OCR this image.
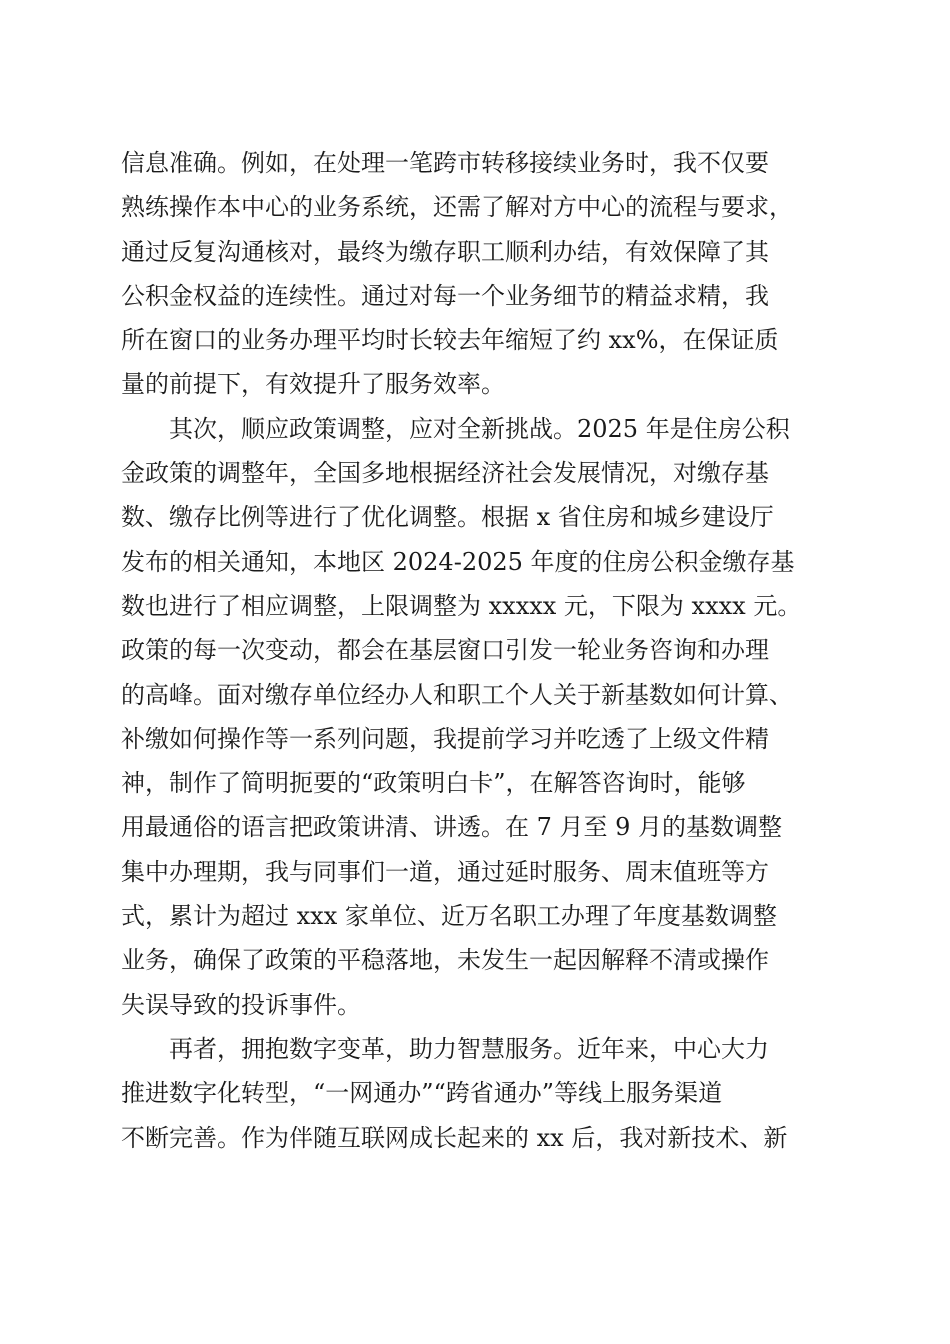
信息准确。例如，在处理一笔跨市转移接续业务时，我不仅要
熟练操作本中心的业务系统，还需了解对方中心的流程与要求，
通过反复沟通核对，最终为缴存职工顺利办结，有效保障了其
公积金权益的连续性。通过对每一个业务细节的精益求精，我
所在窗口的业务办理平均时长较去年缩短了约 xx%，在保证质
量的前提下，有效提升了服务效率。
其次，顺应政策调整，应对全新挑战。2025 年是住房公积
金政策的调整年，全国多地根据经济社会发展情况，对缴存基
数、缴存比例等进行了优化调整。根据 x 省住房和城乡建设厅
发布的相关通知，本地区 2024-2025 年度的住房公积金缴存基
数也进行了相应调整，上限调整为 xxxxx 元，下限为 xxxx 元。
政策的每一次变动，都会在基层窗口引发一轮业务咨询和办理
的高峰。面对缴存单位经办人和职工个人关于新基数如何计算、
补缴如何操作等一系列问题，我提前学习并吃透了上级文件精
神，制作了简明扼要的“政策明白卡”，在解答咨询时，能够
用最通俗的语言把政策讲清、讲透。在 7 月至 9 月的基数调整
集中办理期，我与同事们一道，通过延时服务、周末值班等方
式，累计为超过 xxx 家单位、近万名职工办理了年度基数调整
业务，确保了政策的平稳落地，未发生一起因解释不清或操作
失误导致的投诉事件。
再者，拥抱数字变革，助力智慧服务。近年来，中心大力
推进数字化转型，“一网通办”“跨省通办”等线上服务渠道
不断完善。作为伴随互联网成长起来的 xx 后，我对新技术、新
